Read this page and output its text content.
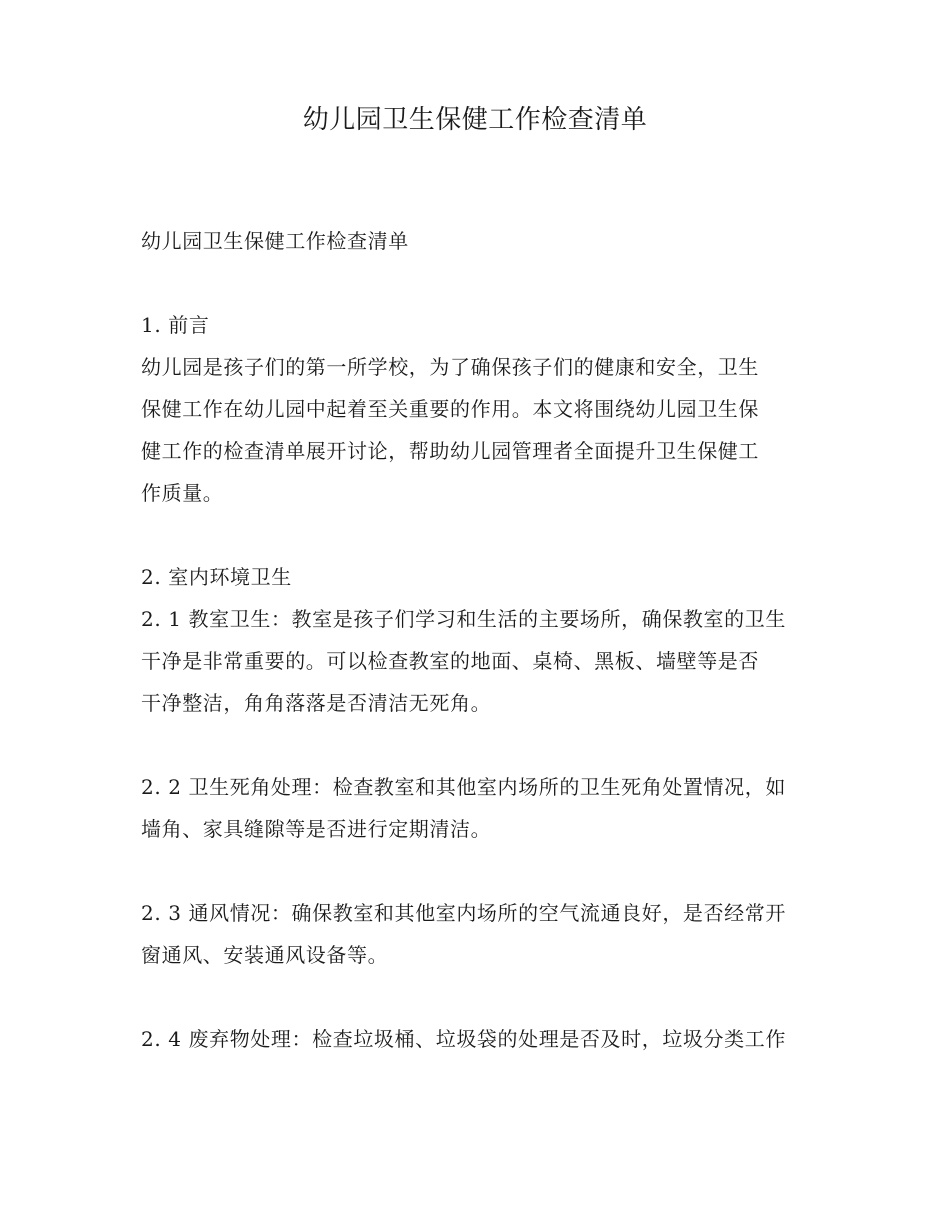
幼儿园卫生保健工作检查清单
幼儿园卫生保健工作检查清单
1. 前言
幼儿园是孩子们的第一所学校，为了确保孩子们的健康和安全，卫生
保健工作在幼儿园中起着至关重要的作用。本文将围绕幼儿园卫生保
健工作的检查清单展开讨论，帮助幼儿园管理者全面提升卫生保健工
作质量。
2. 室内环境卫生
2. 1 教室卫生：教室是孩子们学习和生活的主要场所，确保教室的卫生
干净是非常重要的。可以检查教室的地面、桌椅、黑板、墙壁等是否
干净整洁，角角落落是否清洁无死角。
2. 2 卫生死角处理：检查教室和其他室内场所的卫生死角处置情况，如
墙角、家具缝隙等是否进行定期清洁。
2. 3 通风情况：确保教室和其他室内场所的空气流通良好，是否经常开
窗通风、安装通风设备等。
2. 4 废弃物处理：检查垃圾桶、垃圾袋的处理是否及时，垃圾分类工作
